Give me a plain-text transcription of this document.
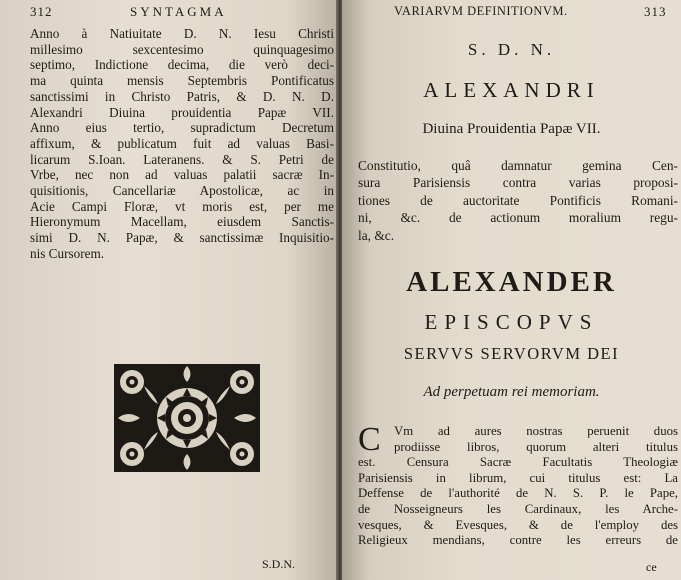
312	SYNTAGMA
Anno à Natiuitate D. N. Iesu Christi
millesimo sexcentesimo quinquagesimo
septimo, Indictione decima, die verò deci-
ma quinta mensis Septembris Pontificatus
sanctissimi in Christo Patris, & D. N. D.
Alexandri Diuina prouidentia Papæ VII.
Anno eius tertio, supradictum Decretum
affixum, & publicatum fuit ad valuas Basi-
licarum S.Ioan. Lateranens. & S. Petri de
Vrbe, nec non ad valuas palatii sacræ In-
quisitionis, Cancellariæ Apostolicæ, ac in
Acie Campi Floræ, vt moris est, per me
Hieronymum Macellam, eiusdem Sanctis-
simi D. N. Papæ, & sanctissimæ Inquisitio-
nis Cursorem.
S.D.N.
VARIARVM DEFINITIONVM.	313
S. D. N.
ALEXANDRI
Diuina Prouidentia Papæ VII.
Constitutio, quâ damnatur gemina Cen-
sura Parisiensis contra varias proposi-
tiones de auctoritate Pontificis Romani-
ni, &c. de actionum moralium regu-
la, &c.
ALEXANDER
EPISCOPVS
SERVVS SERVORVM DEI
Ad perpetuam rei memoriam.
C	Vm ad aures nostras peruenit duos
prodiisse libros, quorum alteri titulus
est. Censura Sacræ Facultatis Theologiæ
Parisiensis in librum, cui titulus est: La
Deffense de l'authorité de N. S. P. le Pape,
de Nosseigneurs les Cardinaux, les Arche-
vesques, & Evesques, & de l'employ des
Religieux mendians, contre les erreurs de
ce
